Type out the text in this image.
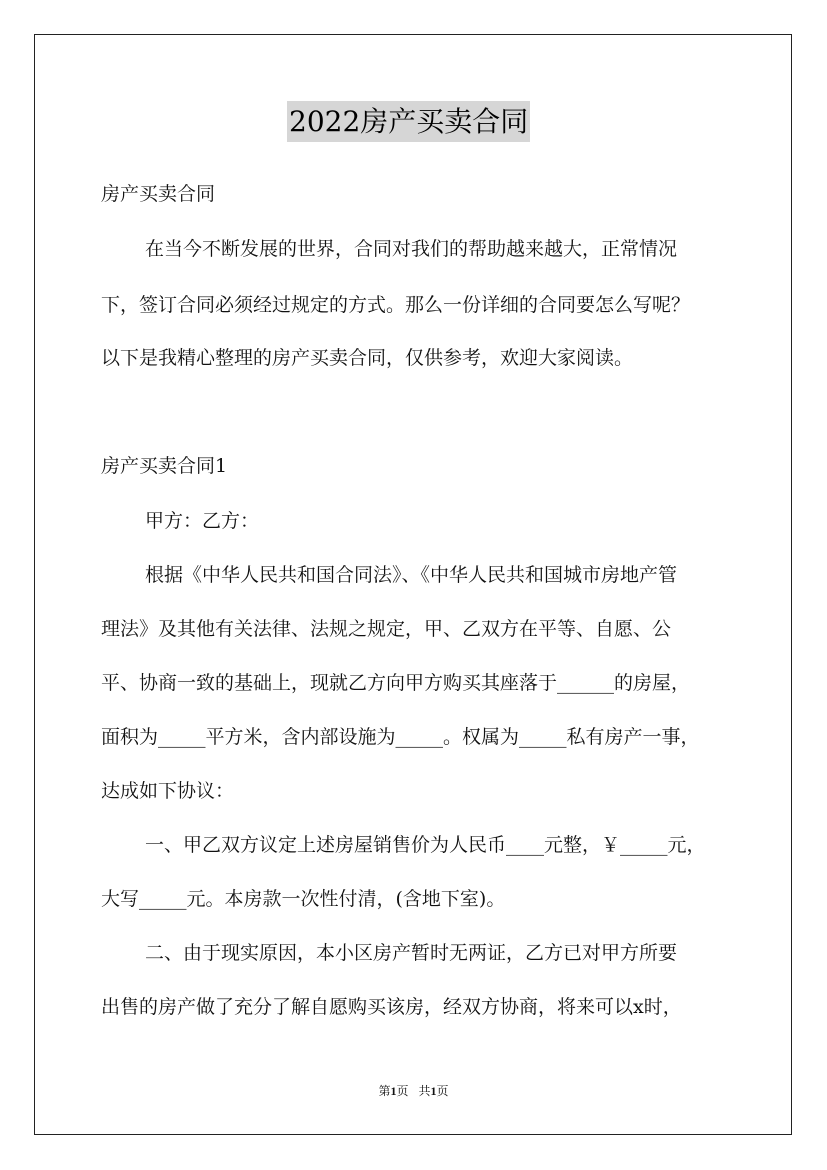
2022房产买卖合同
房产买卖合同
在当今不断发展的世界，合同对我们的帮助越来越大，正常情况
下，签订合同必须经过规定的方式。那么一份详细的合同要怎么写呢？
以下是我精心整理的房产买卖合同，仅供参考，欢迎大家阅读。
房产买卖合同1
甲方：乙方：
根据《中华人民共和国合同法》、《中华人民共和国城市房地产管
理法》及其他有关法律、法规之规定，甲、乙双方在平等、自愿、公
平、协商一致的基础上，现就乙方向甲方购买其座落于______的房屋，
面积为_____平方米，含内部设施为_____。权属为_____私有房产一事，
达成如下协议：
一、甲乙双方议定上述房屋销售价为人民币____元整，￥_____元，
大写_____元。本房款一次性付清，(含地下室)。
二、由于现实原因，本小区房产暂时无两证，乙方已对甲方所要
出售的房产做了充分了解自愿购买该房，经双方协商，将来可以x时，
第1页 共1页
